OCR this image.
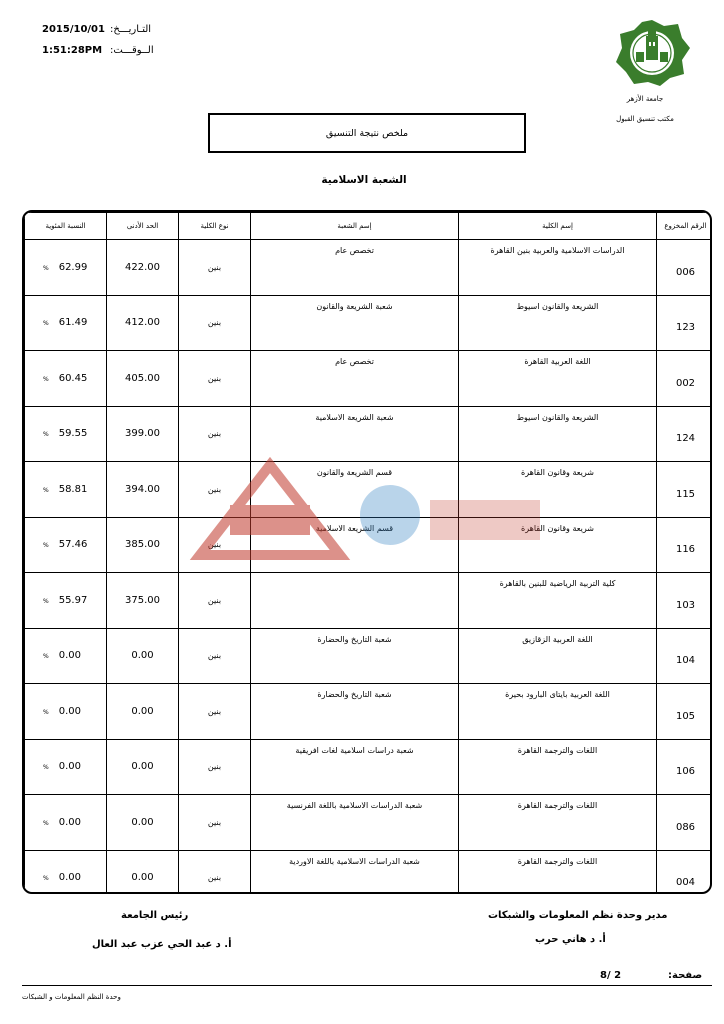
2015/10/01 التـاريـــخ:
1:51:28PM الــوقـــت:
جامعة الأزهر
مكتب تنسيق القبول
ملخص نتيجة التنسيق
الشعبة الاسلامية
النسبة المئوية	الحد الأدنى	نوع الكلية	إسم الشعبة	إسم الكلية	الرقم المخزوع
% 62.99	422.00	بنين	تخصص عام	الدراسات الاسلامية والعربية بنين القاهرة	006
% 61.49	412.00	بنين	شعبة الشريعة والقانون	الشريعة والقانون اسيوط	123
% 60.45	405.00	بنين	تخصص عام	اللغة العربية القاهرة	002
% 59.55	399.00	بنين	شعبة الشريعة الاسلامية	الشريعة والقانون اسيوط	124
% 58.81	394.00	بنين	قسم الشريعة والقانون	شريعة وقانون القاهرة	115
% 57.46	385.00	بنين	قسم الشريعة الاسلامية	شريعة وقانون القاهرة	116
% 55.97	375.00	بنين		كلية التربية الرياضية للبنين بالقاهرة	103
% 0.00	0.00	بنين	شعبة التاريخ والحضارة	اللغة العربية الزقازيق	104
% 0.00	0.00	بنين	شعبة التاريخ والحضارة	اللغة العربية بايتاى البارود بحيرة	105
% 0.00	0.00	بنين	شعبة دراسات اسلامية لغات افريقية	اللغات والترجمة القاهرة	106
% 0.00	0.00	بنين	شعبة الدراسات الاسلامية باللغة الفرنسية	اللغات والترجمة القاهرة	086
% 0.00	0.00	بنين	شعبة الدراسات الاسلامية باللغة الاوردية	اللغات والترجمة القاهرة	004

مدير وحدة نظم المعلومات والشبكات
أ. د هاني حرب
رئيس الجامعة
أ. د عبد الحي عزب عبد العال
صفحة:
2 /8
وحدة النظم المعلومات و الشبكات
